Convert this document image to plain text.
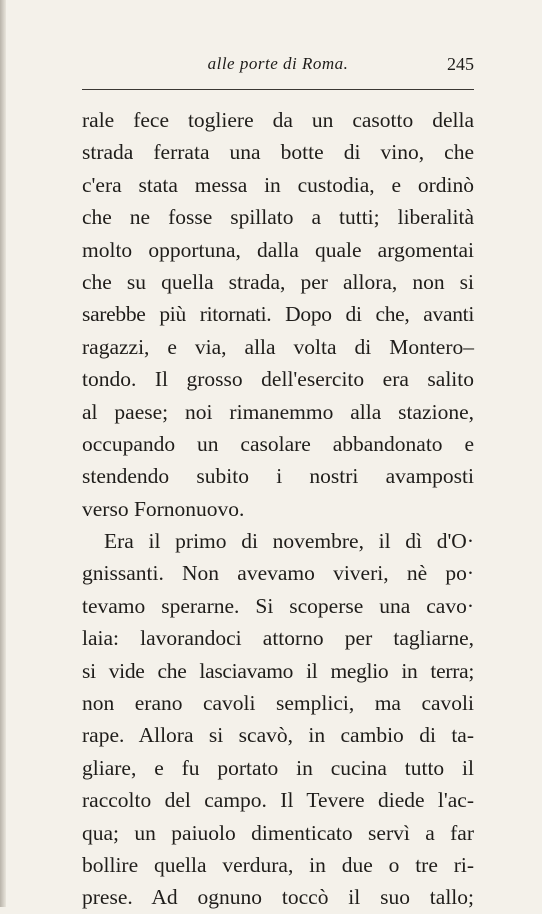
alle porte di Roma.	245
rale fece togliere da un casotto della
strada ferrata una botte di vino, che
c'era stata messa in custodia, e ordinò
che ne fosse spillato a tutti; liberalità
molto opportuna, dalla quale argomentai
che su quella strada, per allora, non si
sarebbe più ritornati. Dopo di che, avanti
ragazzi, e via, alla volta di Montero–
tondo. Il grosso dell'esercito era salito
al paese; noi rimanemmo alla stazione,
occupando un casolare abbandonato e
stendendo subito i nostri avamposti
verso Fornonuovo.
Era il primo di novembre, il dì d'O·
gnissanti. Non avevamo viveri, nè po·
tevamo sperarne. Si scoperse una cavo·
laia: lavorandoci attorno per tagliarne,
si vide che lasciavamo il meglio in terra;
non erano cavoli semplici, ma cavoli
rape. Allora si scavò, in cambio di ta-
gliare, e fu portato in cucina tutto il
raccolto del campo. Il Tevere diede l'ac-
qua; un paiuolo dimenticato servì a far
bollire quella verdura, in due o tre ri-
prese. Ad ognuno toccò il suo tallo;
